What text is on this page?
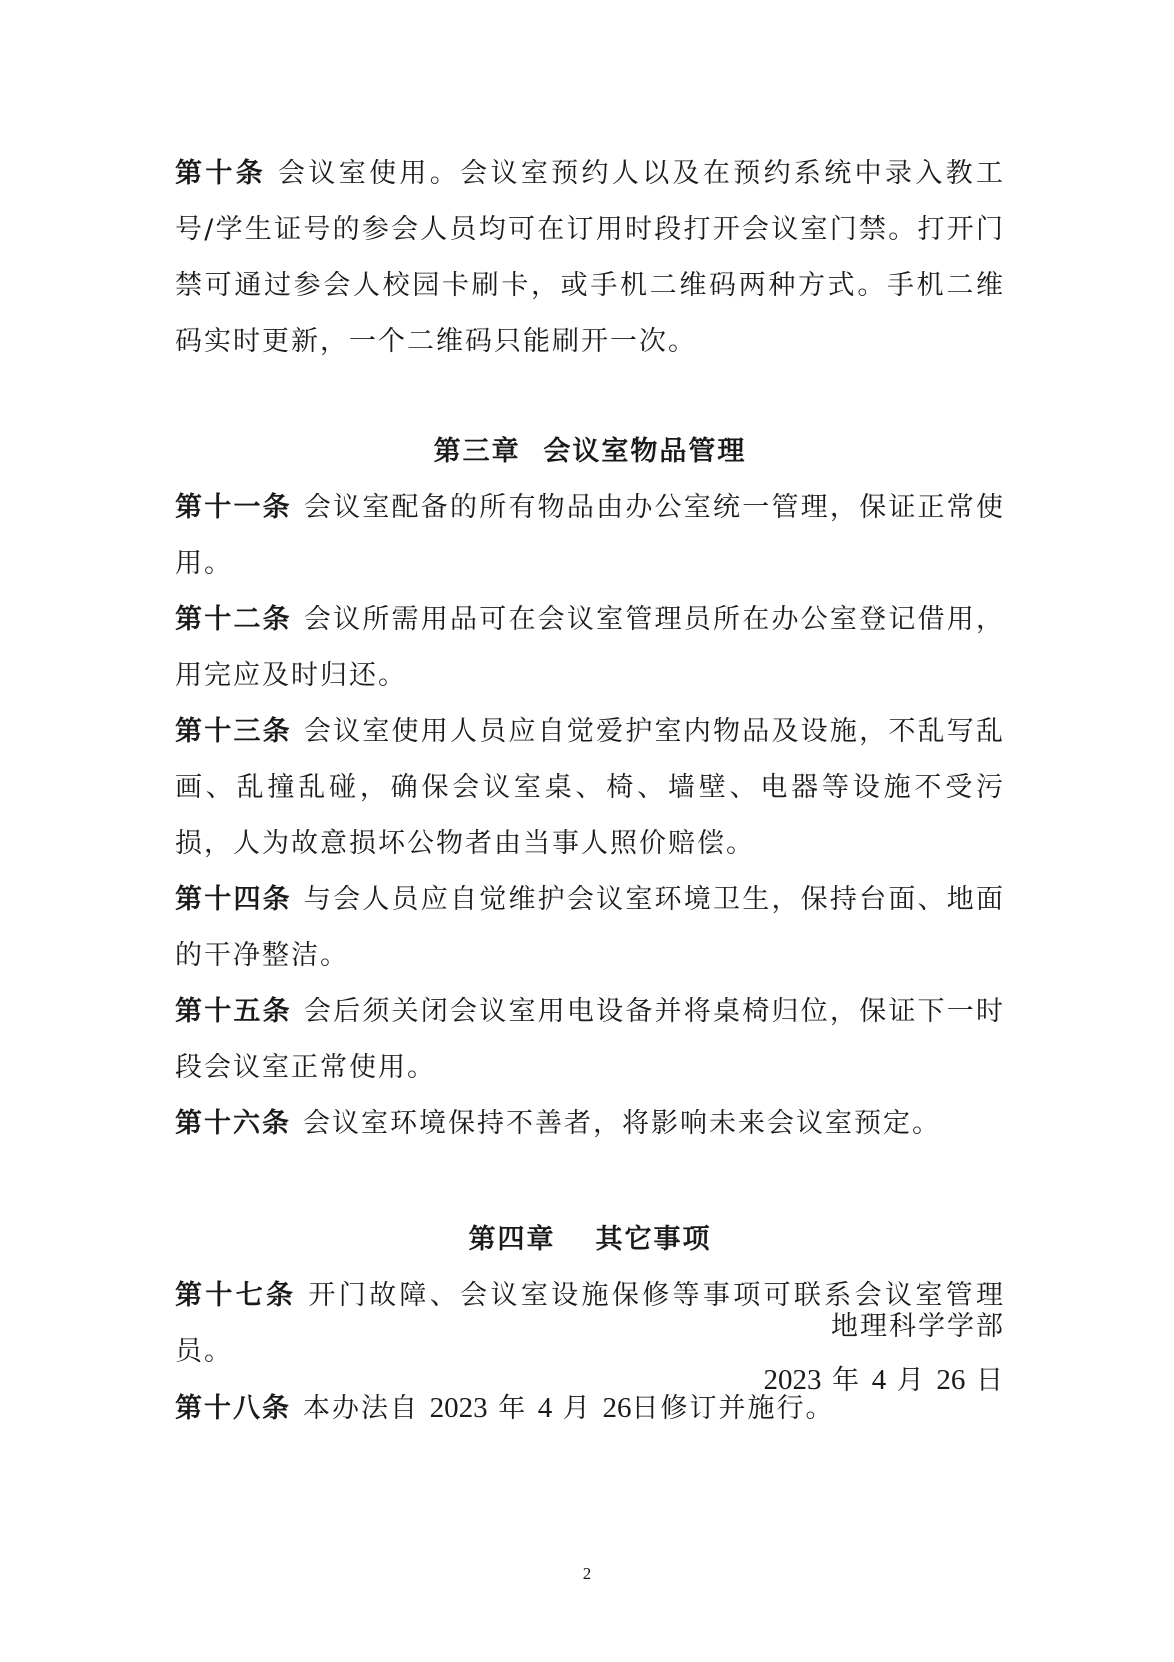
第十条 会议室使用。会议室预约人以及在预约系统中录入教工号/学生证号的参会人员均可在订用时段打开会议室门禁。打开门禁可通过参会人校园卡刷卡，或手机二维码两种方式。手机二维码实时更新，一个二维码只能刷开一次。

第三章  会议室物品管理

第十一条 会议室配备的所有物品由办公室统一管理，保证正常使用。

第十二条 会议所需用品可在会议室管理员所在办公室登记借用，用完应及时归还。

第十三条 会议室使用人员应自觉爱护室内物品及设施，不乱写乱画、乱撞乱碰，确保会议室桌、椅、墙壁、电器等设施不受污损，人为故意损坏公物者由当事人照价赔偿。

第十四条 与会人员应自觉维护会议室环境卫生，保持台面、地面的干净整洁。

第十五条 会后须关闭会议室用电设备并将桌椅归位，保证下一时段会议室正常使用。

第十六条 会议室环境保持不善者，将影响未来会议室预定。

第四章 其它事项

第十七条 开门故障、会议室设施保修等事项可联系会议室管理员。

第十八条 本办法自 2023 年 4 月 26日修订并施行。

地理科学学部
2023 年 4 月 26 日
2
